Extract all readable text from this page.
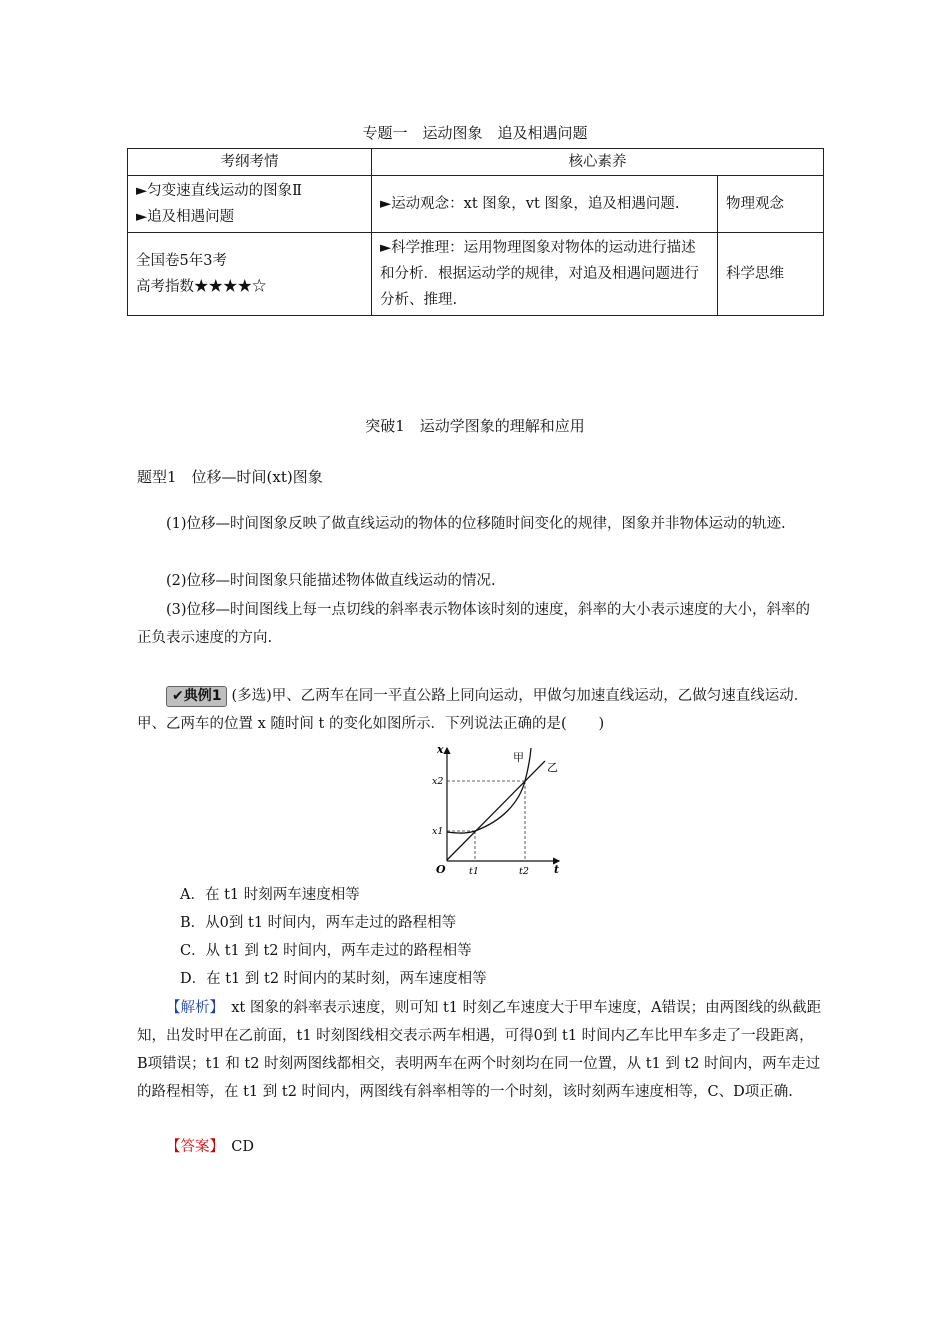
专题一　运动图象　追及相遇问题
考纲考情	核心素养	
►匀变速直线运动的图象Ⅱ
►追及相遇问题	►运动观念：xt 图象，vt 图象，追及相遇问题.	物理观念
全国卷5年3考
高考指数★★★★☆	►科学推理：运用物理图象对物体的运动进行描述和分析．根据运动学的规律，对追及相遇问题进行分析、推理.	科学思维
突破1　运动学图象的理解和应用
题型1　位移—时间(xt)图象

(1)位移—时间图象反映了做直线运动的物体的位移随时间变化的规律，图象并非物体运动的轨迹.

(2)位移—时间图象只能描述物体做直线运动的情况.

(3)位移—时间图线上每一点切线的斜率表示物体该时刻的速度，斜率的大小表示速度的大小，斜率的正负表示速度的方向.

✔典例1 (多选)甲、乙两车在同一平直公路上同向运动，甲做匀加速直线运动，乙做匀速直线运动．甲、乙两车的位置 x 随时间 t 的变化如图所示．下列说法正确的是( )

x
t
O t1	t2
x1
x2
甲
乙
A．在 t1 时刻两车速度相等
B．从0到 t1 时间内，两车走过的路程相等
C．从 t1 到 t2 时间内，两车走过的路程相等
D．在 t1 到 t2 时间内的某时刻，两车速度相等

【解析】　 xt 图象的斜率表示速度，则可知 t1 时刻乙车速度大于甲车速度，A错误；由两图线的纵截距知，出发时甲在乙前面，t1 时刻图线相交表示两车相遇，可得0到 t1 时间内乙车比甲车多走了一段距离，B项错误；t1 和 t2 时刻两图线都相交，表明两车在两个时刻均在同一位置，从 t1 到 t2 时间内，两车走过的路程相等，在 t1 到 t2 时间内，两图线有斜率相等的一个时刻，该时刻两车速度相等，C、D项正确.

【答案】　 CD
